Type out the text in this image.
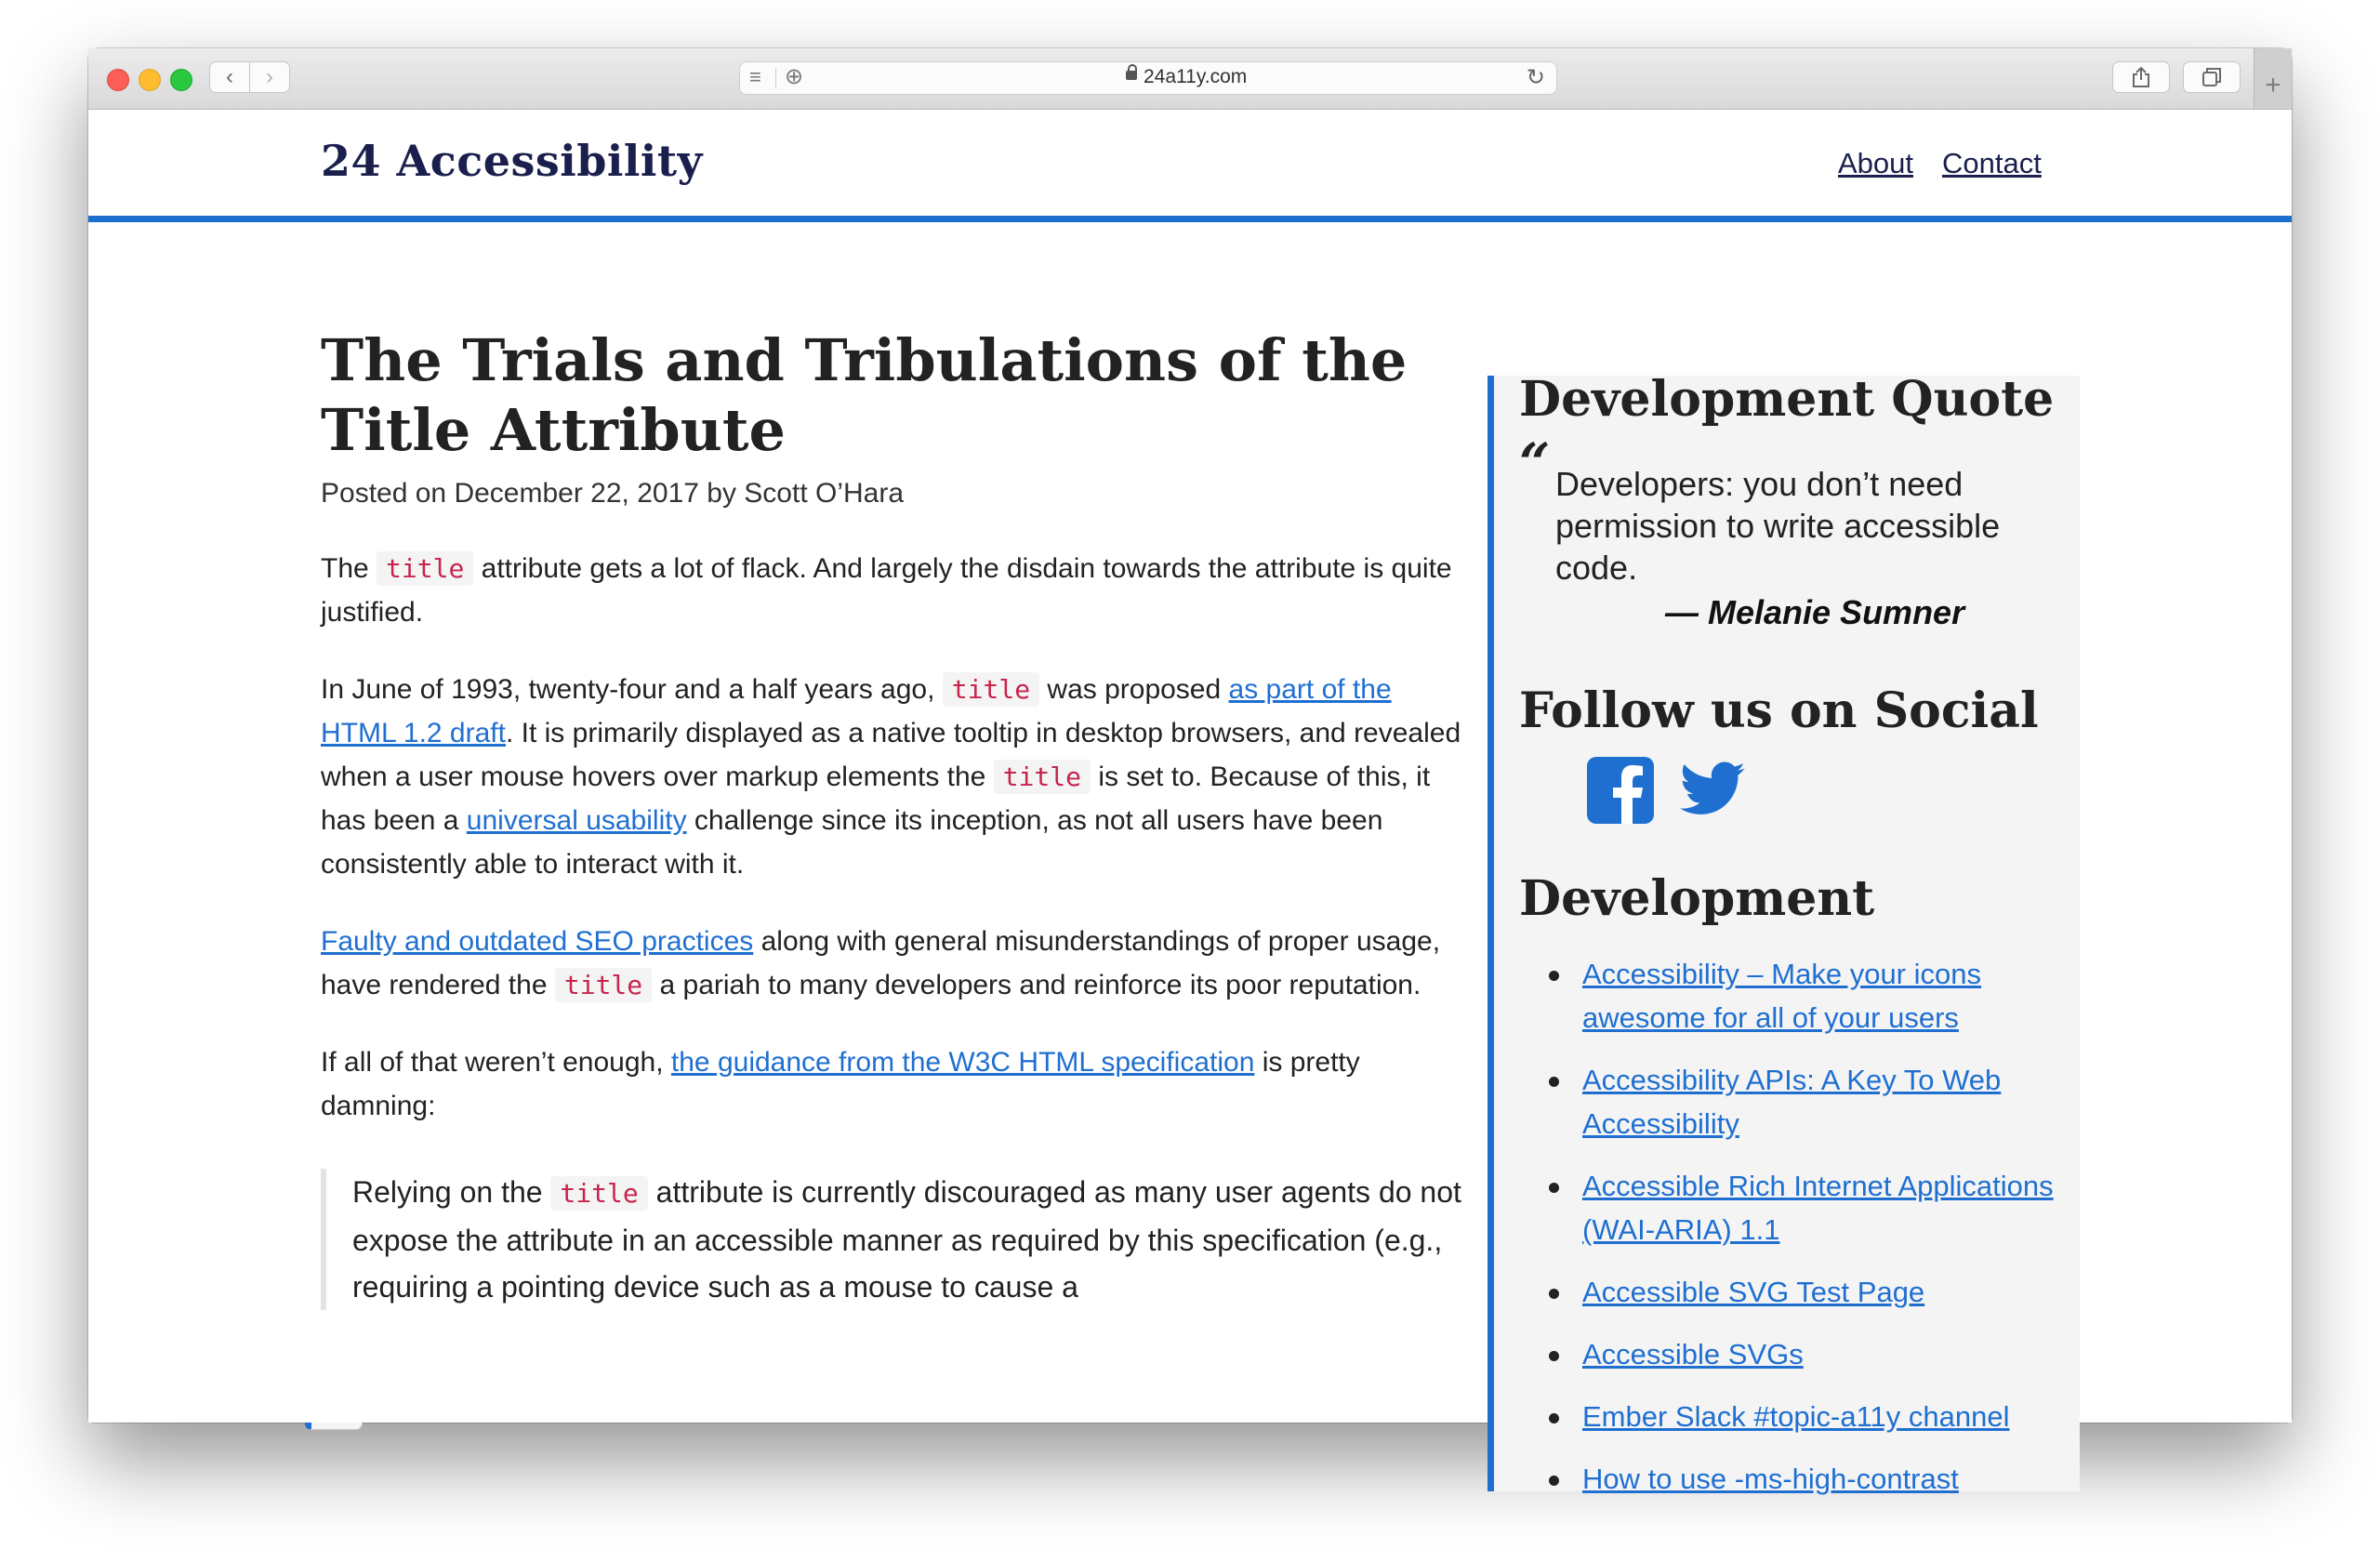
‹	›	≡ ⊕	24a11y.com	↻	+
24 Accessibility	About Contact
The Trials and Tribulations of the
Title Attribute
Posted on December 22, 2017 by Scott O’Hara

The title attribute gets a lot of flack. And largely the disdain towards the attribute is quite justified.

In June of 1993, twenty-four and a half years ago, title was proposed as part of the HTML 1.2 draft. It is primarily displayed as a native tooltip in desktop browsers, and revealed when a user mouse hovers over markup elements the title is set to. Because of this, it has been a universal usability challenge since its inception, as not all users have been consistently able to interact with it.

Faulty and outdated SEO practices along with general misunderstandings of proper usage, have rendered the title a pariah to many developers and reinforce its poor reputation.

If all of that weren’t enough, the guidance from the W3C HTML specification is pretty damning:

Relying on the title attribute is currently discouraged as many user agents do not expose the attribute in an accessible manner as required by this specification (e.g., requiring a pointing device such as a mouse to cause a
Development Quote
“ Developers: you don’t need permission to write accessible code.
— Melanie Sumner
Follow us on Social
Development
Accessibility – Make your icons awesome for all of your users
Accessibility APIs: A Key To Web Accessibility
Accessible Rich Internet Applications (WAI-ARIA) 1.1
Accessible SVG Test Page
Accessible SVGs
Ember Slack #topic-a11y channel
How to use -ms-high-contrast
